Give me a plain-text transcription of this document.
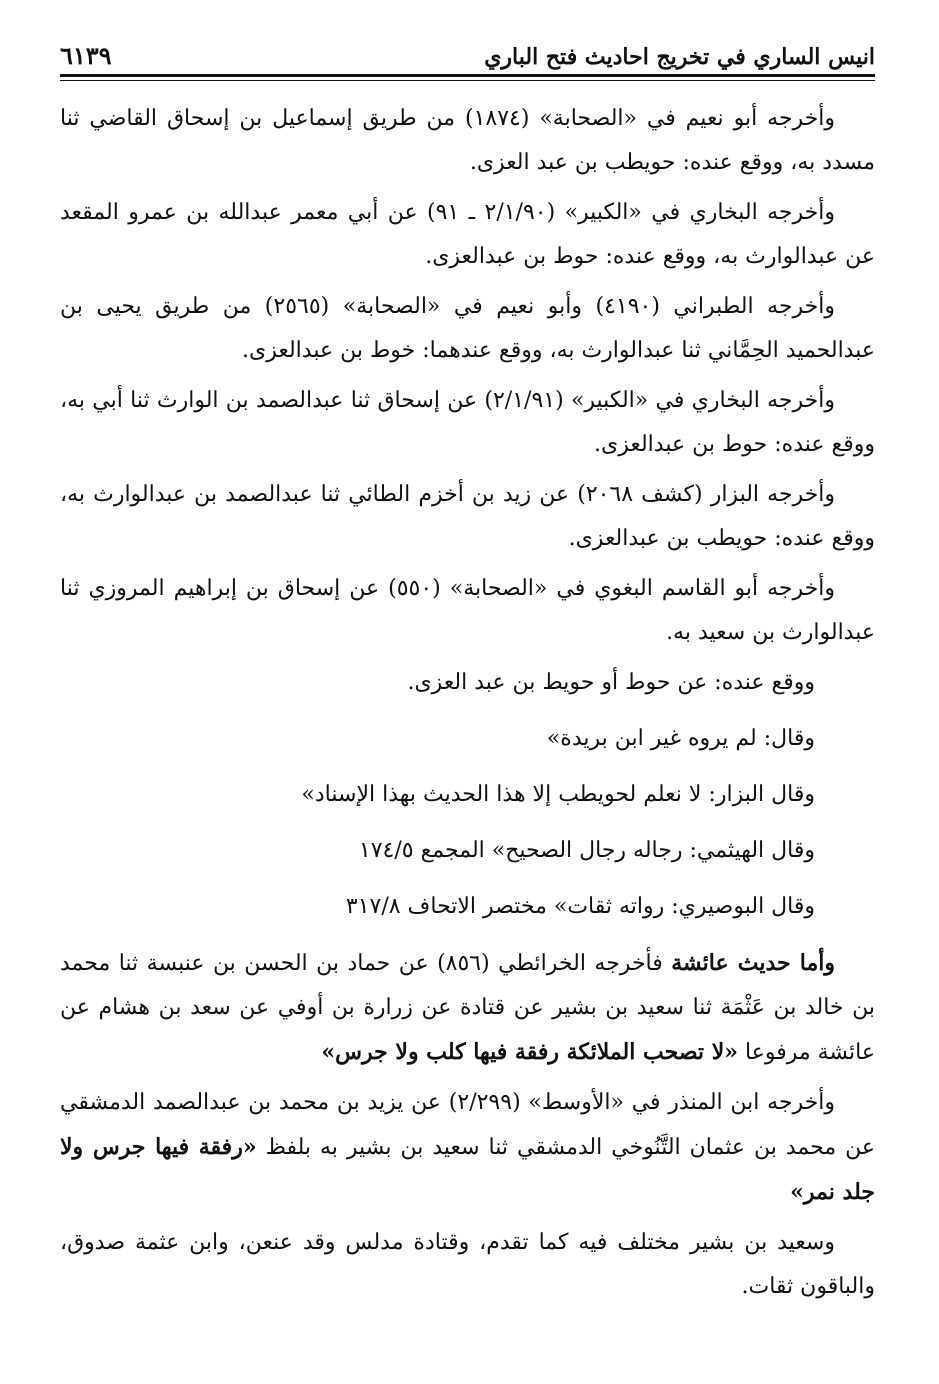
انيس الساري في تخريج احاديث فتح الباري
٦١٣٩

وأخرجه أبو نعيم في «الصحابة» (١٨٧٤) من طريق إسماعيل بن إسحاق القاضي ثنا مسدد به، ووقع عنده: حويطب بن عبد العزى.

وأخرجه البخاري في «الكبير» (٢/١/٩٠ ـ ٩١) عن أبي معمر عبدالله بن عمرو المقعد عن عبدالوارث به، ووقع عنده: حوط بن عبدالعزى.

وأخرجه الطبراني (٤١٩٠) وأبو نعيم في «الصحابة» (٢٥٦٥) من طريق يحيى بن عبدالحميد الحِمَّاني ثنا عبدالوارث به، ووقع عندهما: خوط بن عبدالعزى.

وأخرجه البخاري في «الكبير» (٢/١/٩١) عن إسحاق ثنا عبدالصمد بن الوارث ثنا أبي به، ووقع عنده: حوط بن عبدالعزى.

وأخرجه البزار (كشف ٢٠٦٨) عن زيد بن أخزم الطائي ثنا عبدالصمد بن عبدالوارث به، ووقع عنده: حويطب بن عبدالعزى.

وأخرجه أبو القاسم البغوي في «الصحابة» (٥٥٠) عن إسحاق بن إبراهيم المروزي ثنا عبدالوارث بن سعيد به.

ووقع عنده: عن حوط أو حويط بن عبد العزى.

وقال: لم يروه غير ابن بريدة»

وقال البزار: لا نعلم لحويطب إلا هذا الحديث بهذا الإسناد»

وقال الهيثمي: رجاله رجال الصحيح» المجمع ١٧٤/٥

وقال البوصيري: رواته ثقات» مختصر الاتحاف ٣١٧/٨

وأما حديث عائشة فأخرجه الخرائطي (٨٥٦) عن حماد بن الحسن بن عنبسة ثنا محمد بن خالد بن عَثْمَة ثنا سعيد بن بشير عن قتادة عن زرارة بن أوفي عن سعد بن هشام عن عائشة مرفوعا «لا تصحب الملائكة رفقة فيها كلب ولا جرس»

وأخرجه ابن المنذر في «الأوسط» (٢/٢٩٩) عن يزيد بن محمد بن عبدالصمد الدمشقي عن محمد بن عثمان التَّنُوخي الدمشقي ثنا سعيد بن بشير به بلفظ «رفقة فيها جرس ولا جلد نمر»

وسعيد بن بشير مختلف فيه كما تقدم، وقتادة مدلس وقد عنعن، وابن عثمة صدوق، والباقون ثقات.
